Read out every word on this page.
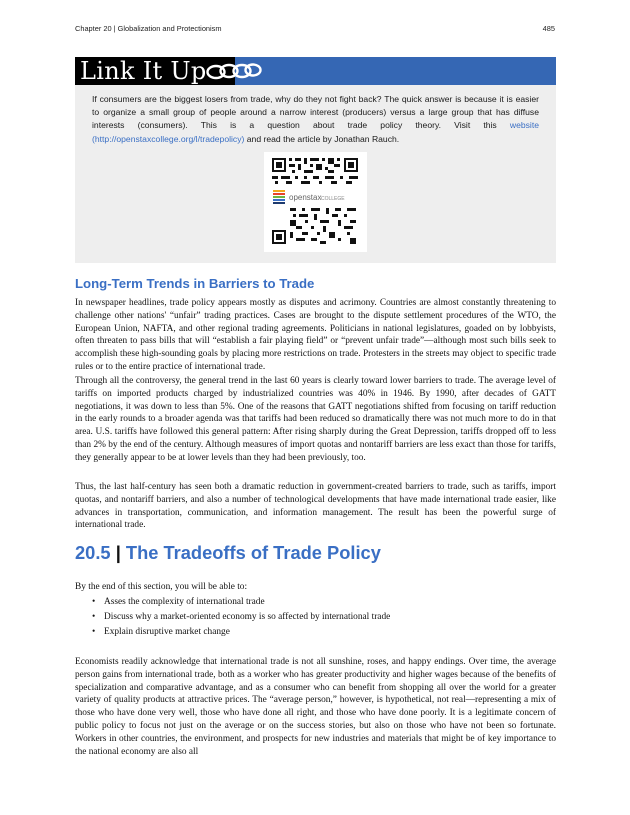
Chapter 20 | Globalization and Protectionism	485
Link It Up

If consumers are the biggest losers from trade, why do they not fight back? The quick answer is because it is easier to organize a small group of people around a narrow interest (producers) versus a large group that has diffuse interests (consumers). This is a question about trade policy theory. Visit this website (http://openstaxcollege.org/l/tradepolicy) and read the article by Jonathan Rauch.

openstax COLLEGE
Long-Term Trends in Barriers to Trade

In newspaper headlines, trade policy appears mostly as disputes and acrimony. Countries are almost constantly threatening to challenge other nations' “unfair” trading practices. Cases are brought to the dispute settlement procedures of the WTO, the European Union, NAFTA, and other regional trading agreements. Politicians in national legislatures, goaded on by lobbyists, often threaten to pass bills that will “establish a fair playing field” or “prevent unfair trade”—although most such bills seek to accomplish these high-sounding goals by placing more restrictions on trade. Protesters in the streets may object to specific trade rules or to the entire practice of international trade.

Through all the controversy, the general trend in the last 60 years is clearly toward lower barriers to trade. The average level of tariffs on imported products charged by industrialized countries was 40% in 1946. By 1990, after decades of GATT negotiations, it was down to less than 5%. One of the reasons that GATT negotiations shifted from focusing on tariff reduction in the early rounds to a broader agenda was that tariffs had been reduced so dramatically there was not much more to do in that area. U.S. tariffs have followed this general pattern: After rising sharply during the Great Depression, tariffs dropped off to less than 2% by the end of the century. Although measures of import quotas and nontariff barriers are less exact than those for tariffs, they generally appear to be at lower levels than they had been previously, too.

Thus, the last half-century has seen both a dramatic reduction in government-created barriers to trade, such as tariffs, import quotas, and nontariff barriers, and also a number of technological developments that have made international trade easier, like advances in transportation, communication, and information management. The result has been the powerful surge of international trade.

20.5 | The Tradeoffs of Trade Policy
By the end of this section, you will be able to:
• Asses the complexity of international trade
• Discuss why a market-oriented economy is so affected by international trade
• Explain disruptive market change

Economists readily acknowledge that international trade is not all sunshine, roses, and happy endings. Over time, the average person gains from international trade, both as a worker who has greater productivity and higher wages because of the benefits of specialization and comparative advantage, and as a consumer who can benefit from shopping all over the world for a greater variety of quality products at attractive prices. The “average person,” however, is hypothetical, not real—representing a mix of those who have done very well, those who have done all right, and those who have done poorly. It is a legitimate concern of public policy to focus not just on the average or on the success stories, but also on those who have not been so fortunate. Workers in other countries, the environment, and prospects for new industries and materials that might be of key importance to the national economy are also all
